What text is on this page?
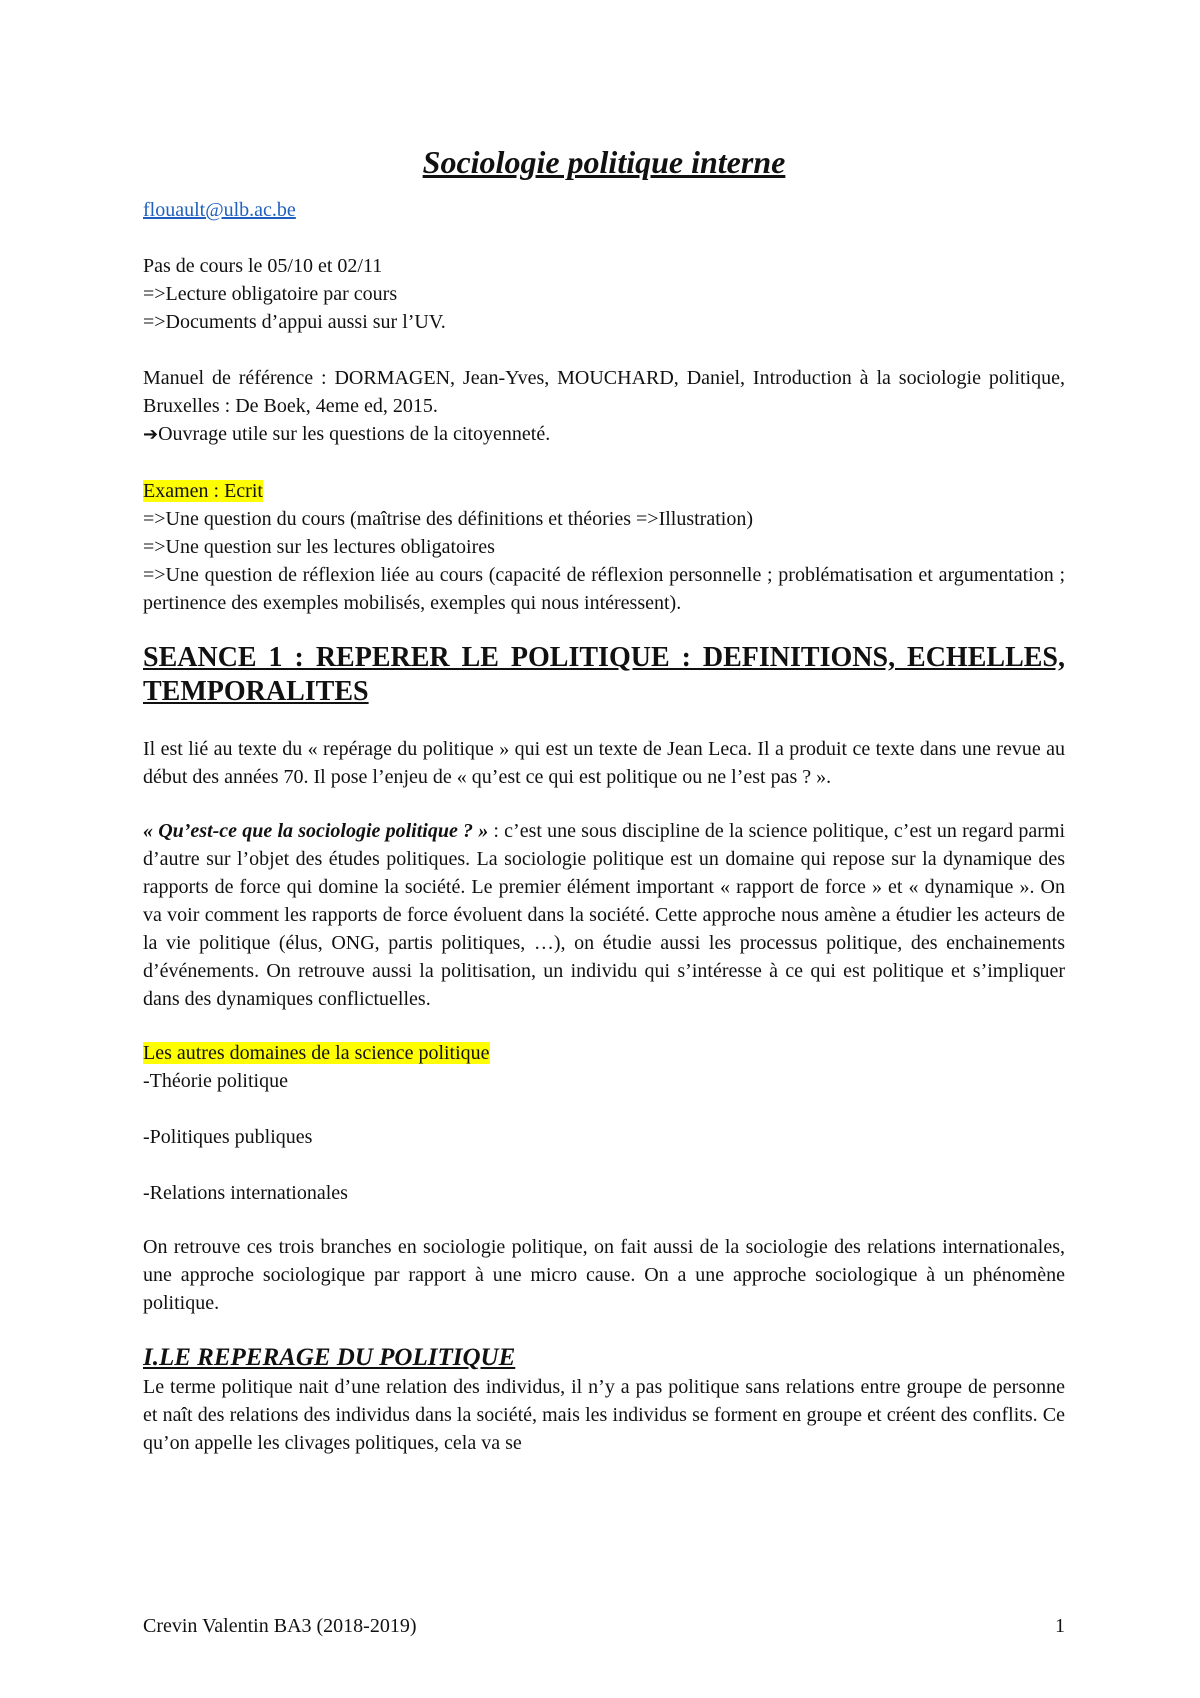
Sociologie politique interne

flouault@ulb.ac.be

Pas de cours le 05/10 et 02/11

=>Lecture obligatoire par cours

=>Documents d’appui aussi sur l’UV.

Manuel de référence : DORMAGEN, Jean-Yves, MOUCHARD, Daniel, Introduction à la sociologie politique, Bruxelles : De Boek, 4eme ed, 2015.

➔Ouvrage utile sur les questions de la citoyenneté.

Examen : Ecrit

=>Une question du cours (maîtrise des définitions et théories =>Illustration)

=>Une question sur les lectures obligatoires

=>Une question de réflexion liée au cours (capacité de réflexion personnelle ; problématisation et argumentation ; pertinence des exemples mobilisés, exemples qui nous intéressent).

SEANCE 1 : REPERER LE POLITIQUE : DEFINITIONS, ECHELLES, TEMPORALITES

Il est lié au texte du « repérage du politique » qui est un texte de Jean Leca. Il a produit ce texte dans une revue au début des années 70. Il pose l’enjeu de « qu’est ce qui est politique ou ne l’est pas ? ».

« Qu’est-ce que la sociologie politique ? » : c’est une sous discipline de la science politique, c’est un regard parmi d’autre sur l’objet des études politiques. La sociologie politique est un domaine qui repose sur la dynamique des rapports de force qui domine la société. Le premier élément important « rapport de force » et « dynamique ». On va voir comment les rapports de force évoluent dans la société. Cette approche nous amène a étudier les acteurs de la vie politique (élus, ONG, partis politiques, …), on étudie aussi les processus politique, des enchainements d’événements. On retrouve aussi la politisation, un individu qui s’intéresse à ce qui est politique et s’impliquer dans des dynamiques conflictuelles.

Les autres domaines de la science politique

-Théorie politique

-Politiques publiques

-Relations internationales

On retrouve ces trois branches en sociologie politique, on fait aussi de la sociologie des relations internationales, une approche sociologique par rapport à une micro cause. On a une approche sociologique à un phénomène politique.

I.LE REPERAGE DU POLITIQUE

Le terme politique nait d’une relation des individus, il n’y a pas politique sans relations entre groupe de personne et naît des relations des individus dans la société, mais les individus se forment en groupe et créent des conflits. Ce qu’on appelle les clivages politiques, cela va se

Crevin Valentin BA3 (2018-2019)	1
